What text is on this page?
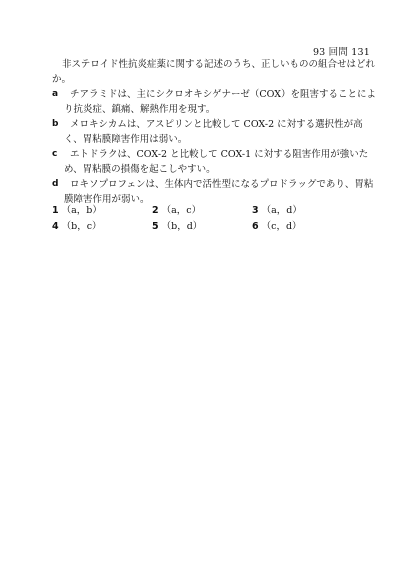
93 回問 131
非ステロイド性抗炎症薬に関する記述のうち、正しいものの組合せはどれか。
a	チアラミドは、主にシクロオキシゲナーゼ（COX）を阻害することにより抗炎症、鎮痛、解熱作用を現す。
b	メロキシカムは、アスピリンと比較して COX-2 に対する選択性が高く、胃粘膜障害作用は弱い。
c	エトドラクは、COX-2 と比較して COX-1 に対する阻害作用が強いため、胃粘膜の損傷を起こしやすい。
d	ロキソプロフェンは、生体内で活性型になるプロドラッグであり、胃粘膜障害作用が弱い。
1 （a，b）	2 （a，c）	3 （a，d）
4 （b，c）	5 （b，d）	6 （c，d）
